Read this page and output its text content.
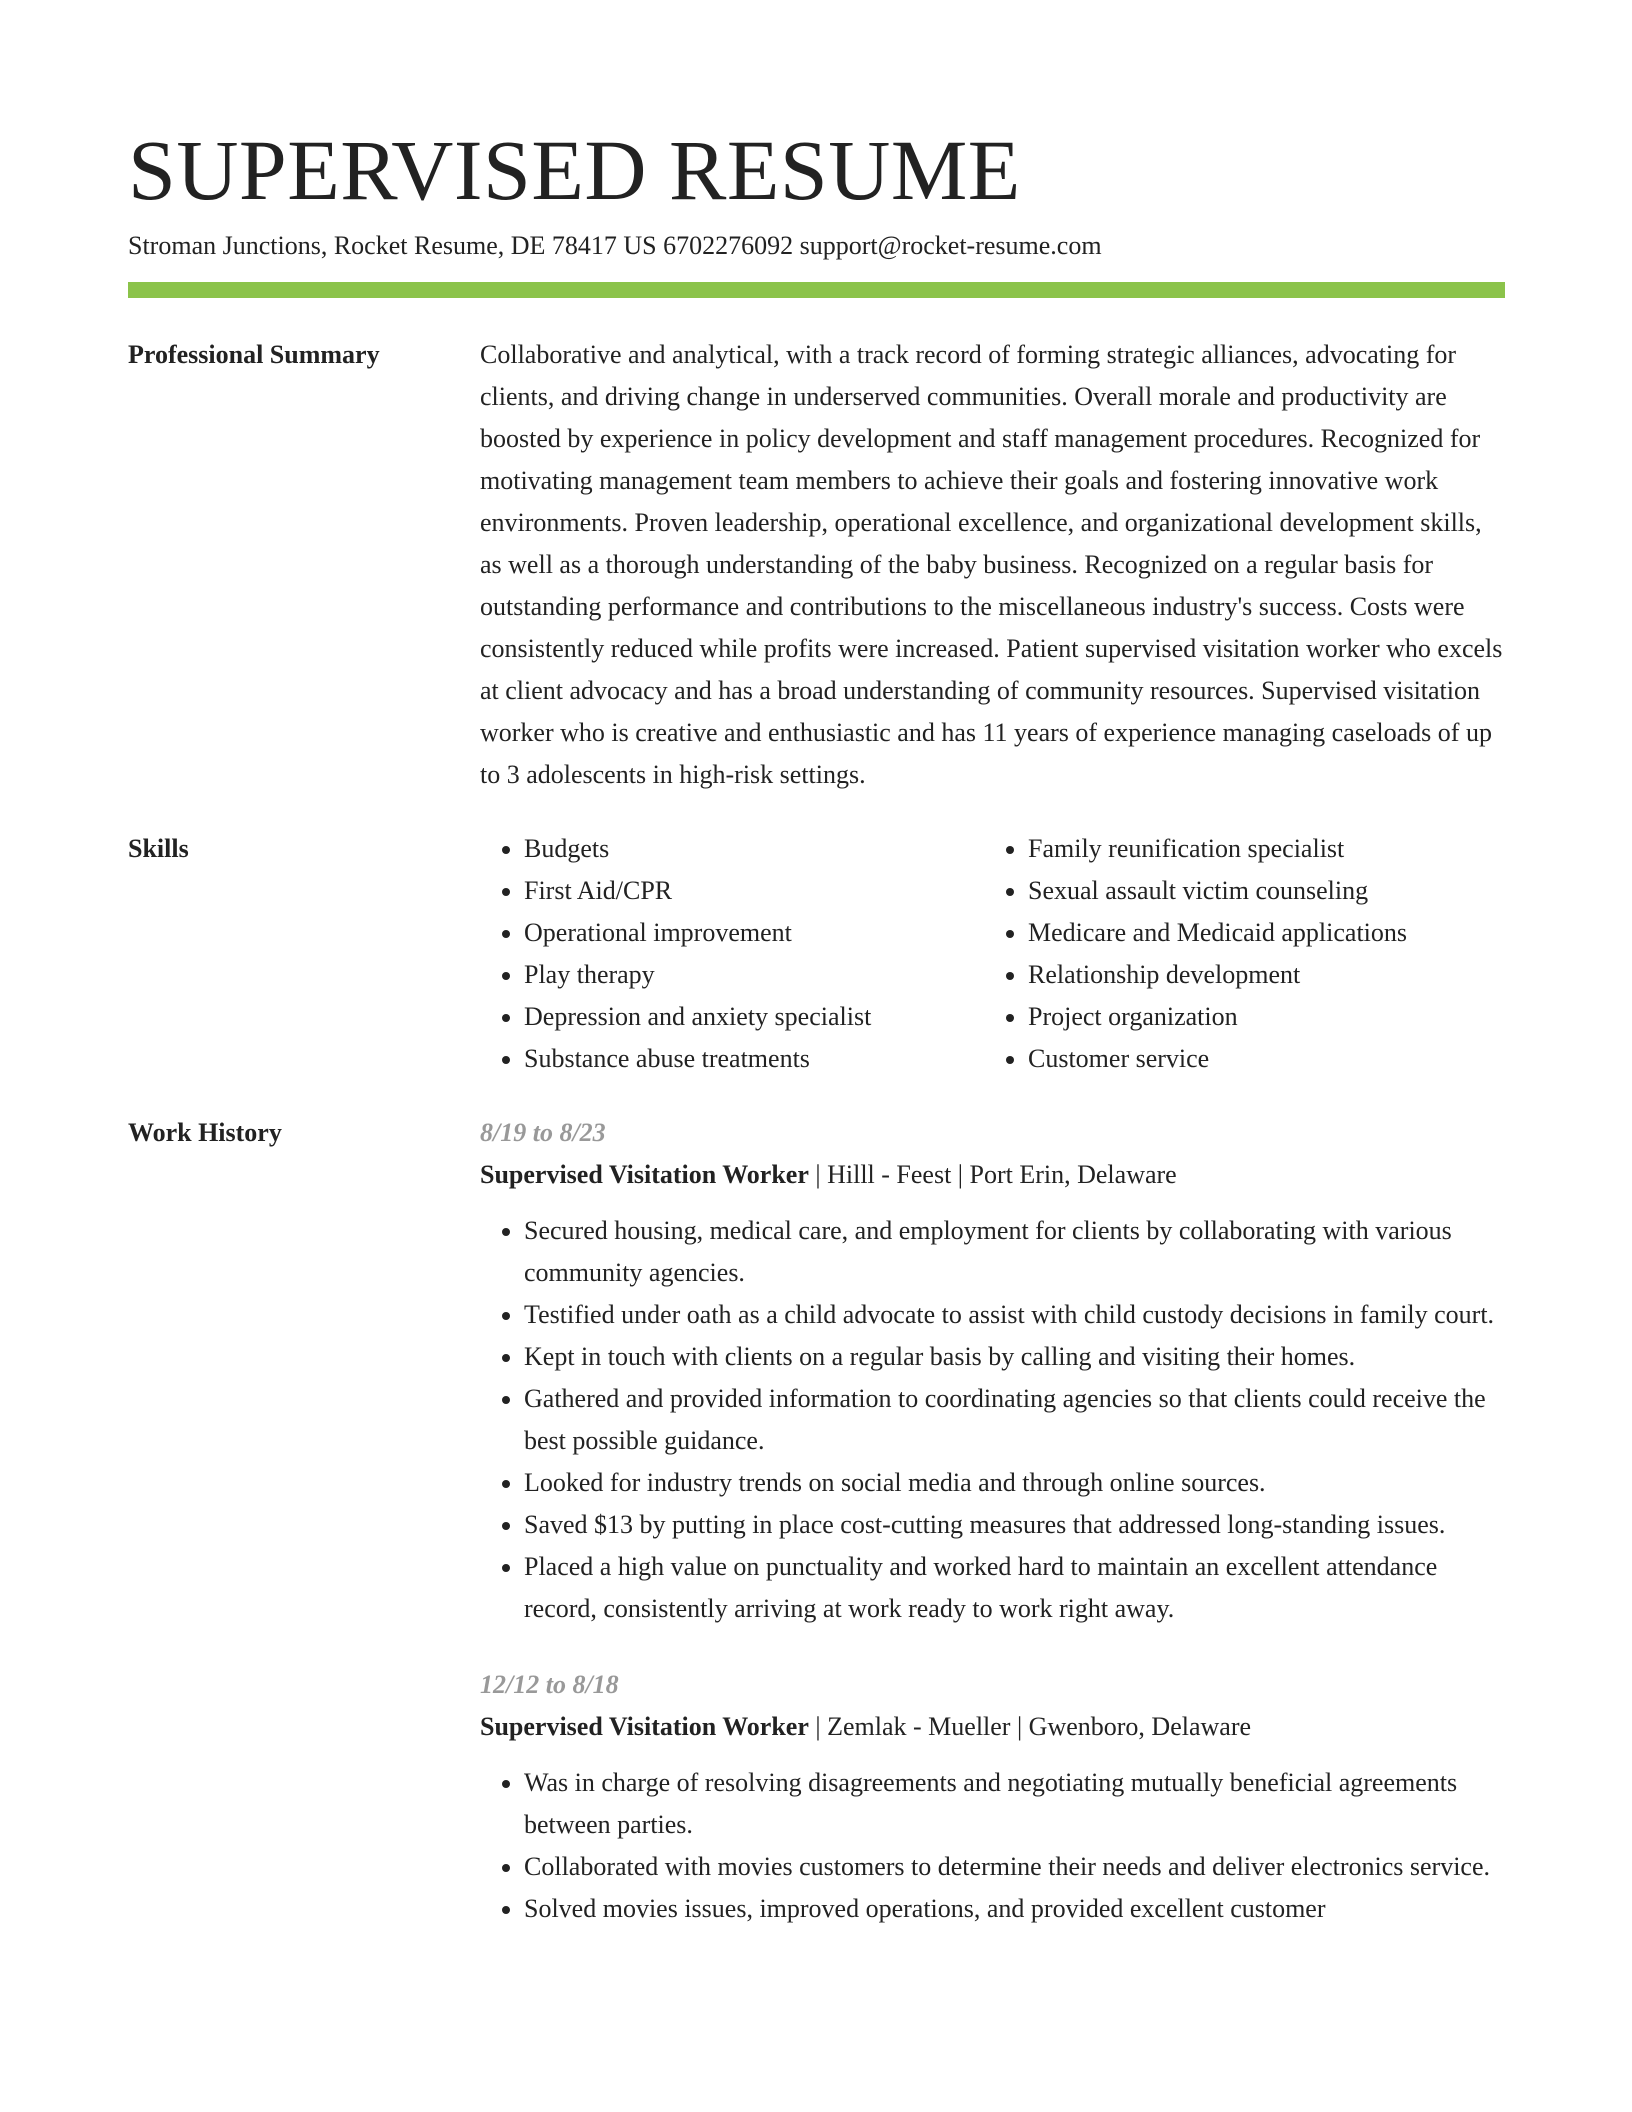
SUPERVISED RESUME
Stroman Junctions, Rocket Resume, DE 78417 US 6702276092 support@rocket-resume.com
Professional Summary	Collaborative and analytical, with a track record of forming strategic alliances, advocating for clients, and driving change in underserved communities. Overall morale and productivity are boosted by experience in policy development and staff management procedures. Recognized for motivating management team members to achieve their goals and fostering innovative work environments. Proven leadership, operational excellence, and organizational development skills, as well as a thorough understanding of the baby business. Recognized on a regular basis for outstanding performance and contributions to the miscellaneous industry's success. Costs were consistently reduced while profits were increased. Patient supervised visitation worker who excels at client advocacy and has a broad understanding of community resources. Supervised visitation worker who is creative and enthusiastic and has 11 years of experience managing caseloads of up to 3 adolescents in high-risk settings.

Skills
•	Budgets
• First Aid/CPR
• Operational improvement
• Play therapy
• Depression and anxiety specialist
• Substance abuse treatments
• Family reunification specialist
• Sexual assault victim counseling
• Medicare and Medicaid applications
• Relationship development
• Project organization
• Customer service
Work History	8/19 to 8/23
Supervised Visitation Worker | Hilll - Feest | Port Erin, Delaware
• Secured housing, medical care, and employment for clients by collaborating with various community agencies.
• Testified under oath as a child advocate to assist with child custody decisions in family court.
• Kept in touch with clients on a regular basis by calling and visiting their homes.
• Gathered and provided information to coordinating agencies so that clients could receive the best possible guidance.
• Looked for industry trends on social media and through online sources.
• Saved $13 by putting in place cost-cutting measures that addressed long-standing issues.
• Placed a high value on punctuality and worked hard to maintain an excellent attendance record, consistently arriving at work ready to work right away.
12/12 to 8/18
Supervised Visitation Worker | Zemlak - Mueller | Gwenboro, Delaware
• Was in charge of resolving disagreements and negotiating mutually beneficial agreements between parties.
• Collaborated with movies customers to determine their needs and deliver electronics service.
• Solved movies issues, improved operations, and provided excellent customer
